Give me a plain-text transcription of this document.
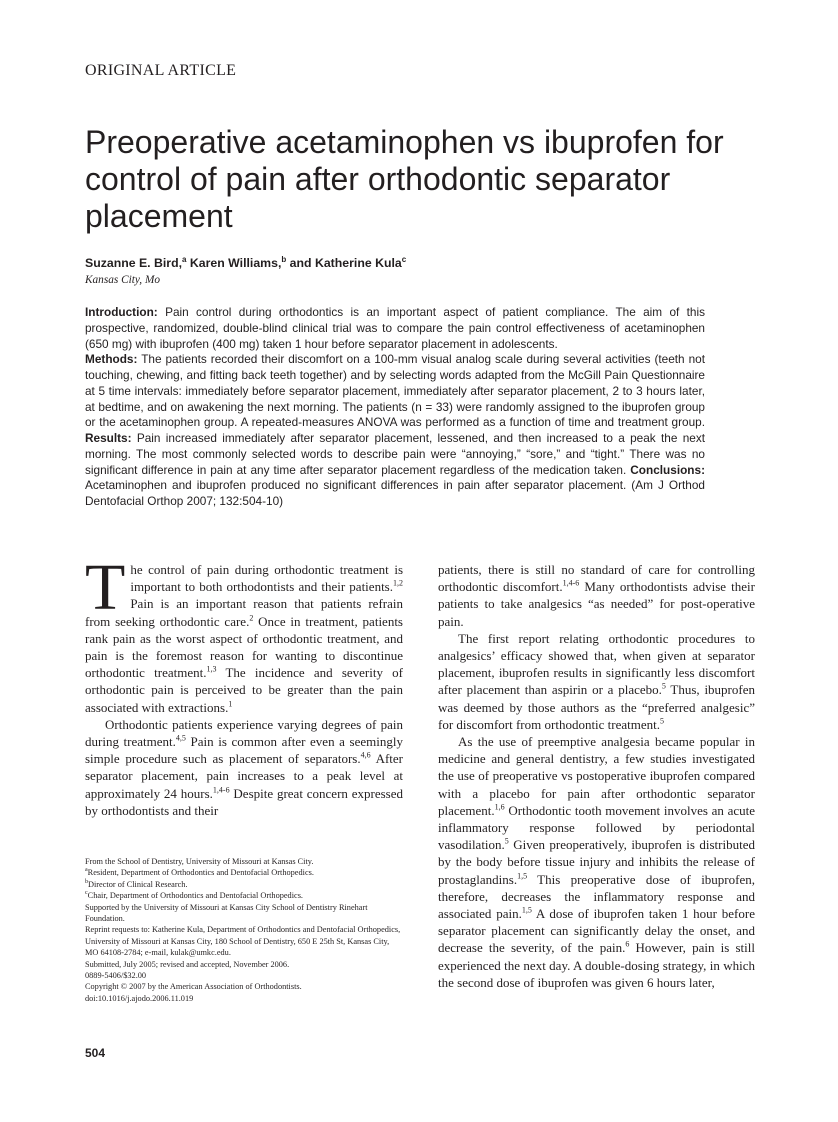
ORIGINAL ARTICLE
Preoperative acetaminophen vs ibuprofen for control of pain after orthodontic separator placement
Suzanne E. Bird,$^a$ Karen Williams,$^b$ and Katherine Kula$^c$
Kansas City, Mo

Introduction: Pain control during orthodontics is an important aspect of patient compliance. The aim of this prospective, randomized, double-blind clinical trial was to compare the pain control effectiveness of acetaminophen (650 mg) with ibuprofen (400 mg) taken 1 hour before separator placement in adolescents.
Methods: The patients recorded their discomfort on a 100-mm visual analog scale during several activities (teeth not touching, chewing, and fitting back teeth together) and by selecting words adapted from the McGill Pain Questionnaire at 5 time intervals: immediately before separator placement, immediately after separator placement, 2 to 3 hours later, at bedtime, and on awakening the next morning. The patients (n = 33) were randomly assigned to the ibuprofen group or the acetaminophen group. A repeated-measures ANOVA was performed as a function of time and treatment group. Results: Pain increased immediately after separator placement, lessened, and then increased to a peak the next morning. The most commonly selected words to describe pain were “annoying,” “sore,” and “tight.” There was no significant difference in pain at any time after separator placement regardless of the medication taken. Conclusions: Acetaminophen and ibuprofen produced no significant differences in pain after separator placement. (Am J Orthod Dentofacial Orthop 2007; 132:504-10)

The control of pain during orthodontic treatment is important to both orthodontists and their patients.$^{1,2}$ Pain is an important reason that patients refrain from seeking orthodontic care.$^2$ Once in treatment, patients rank pain as the worst aspect of orthodontic treatment, and pain is the foremost reason for wanting to discontinue orthodontic treatment.$^{1,3}$ The incidence and severity of orthodontic pain is perceived to be greater than the pain associated with extractions.$^1$

Orthodontic patients experience varying degrees of pain during treatment.$^{4,5}$ Pain is common after even a seemingly simple procedure such as placement of separators.$^{4,6}$ After separator placement, pain increases to a peak level at approximately 24 hours.$^{1,4-6}$ Despite great concern expressed by orthodontists and their

patients, there is still no standard of care for controlling orthodontic discomfort.$^{1,4-6}$ Many orthodontists advise their patients to take analgesics “as needed” for post-operative pain.

The first report relating orthodontic procedures to analgesics’ efficacy showed that, when given at separator placement, ibuprofen results in significantly less discomfort after placement than aspirin or a placebo.$^5$ Thus, ibuprofen was deemed by those authors as the “preferred analgesic” for discomfort from orthodontic treatment.$^5$

As the use of preemptive analgesia became popular in medicine and general dentistry, a few studies investigated the use of preoperative vs postoperative ibuprofen compared with a placebo for pain after orthodontic separator placement.$^{1,6}$ Orthodontic tooth movement involves an acute inflammatory response followed by periodontal vasodilation.$^5$ Given preoperatively, ibuprofen is distributed by the body before tissue injury and inhibits the release of prostaglandins.$^{1,5}$ This preoperative dose of ibuprofen, therefore, decreases the inflammatory response and associated pain.$^{1,5}$ A dose of ibuprofen taken 1 hour before separator placement can significantly delay the onset, and decrease the severity, of the pain.$^6$ However, pain is still experienced the next day. A double-dosing strategy, in which the second dose of ibuprofen was given 6 hours later,

From the School of Dentistry, University of Missouri at Kansas City.
$^a$Resident, Department of Orthodontics and Dentofacial Orthopedics.
$^b$Director of Clinical Research.
$^c$Chair, Department of Orthodontics and Dentofacial Orthopedics.
Supported by the University of Missouri at Kansas City School of Dentistry Rinehart Foundation.
Reprint requests to: Katherine Kula, Department of Orthodontics and Dentofacial Orthopedics, University of Missouri at Kansas City, 180 School of Dentistry, 650 E 25th St, Kansas City, MO 64108-2784; e-mail, kulak@umkc.edu.
Submitted, July 2005; revised and accepted, November 2006.
0889-5406/$32.00
Copyright © 2007 by the American Association of Orthodontists.
doi:10.1016/j.ajodo.2006.11.019
504
